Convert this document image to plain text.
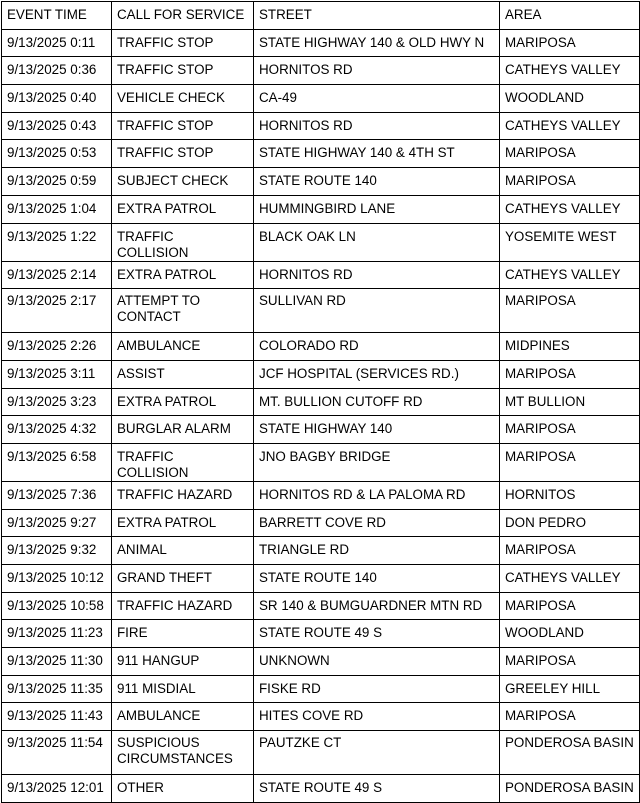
EVENT TIME	CALL FOR SERVICE	STREET	AREA
9/13/2025 0:11	TRAFFIC STOP	STATE HIGHWAY 140 & OLD HWY N	MARIPOSA
9/13/2025 0:36	TRAFFIC STOP	HORNITOS RD	CATHEYS VALLEY
9/13/2025 0:40	VEHICLE CHECK	CA-49	WOODLAND
9/13/2025 0:43	TRAFFIC STOP	HORNITOS RD	CATHEYS VALLEY
9/13/2025 0:53	TRAFFIC STOP	STATE HIGHWAY 140 & 4TH ST	MARIPOSA
9/13/2025 0:59	SUBJECT CHECK	STATE ROUTE 140	MARIPOSA
9/13/2025 1:04	EXTRA PATROL	HUMMINGBIRD LANE	CATHEYS VALLEY
9/13/2025 1:22	TRAFFIC COLLISION	BLACK OAK LN	YOSEMITE WEST
9/13/2025 2:14	EXTRA PATROL	HORNITOS RD	CATHEYS VALLEY
9/13/2025 2:17	ATTEMPT TO CONTACT	SULLIVAN RD	MARIPOSA
9/13/2025 2:26	AMBULANCE	COLORADO RD	MIDPINES
9/13/2025 3:11	ASSIST	JCF HOSPITAL (SERVICES RD.)	MARIPOSA
9/13/2025 3:23	EXTRA PATROL	MT. BULLION CUTOFF RD	MT BULLION
9/13/2025 4:32	BURGLAR ALARM	STATE HIGHWAY 140	MARIPOSA
9/13/2025 6:58	TRAFFIC COLLISION	JNO BAGBY BRIDGE	MARIPOSA
9/13/2025 7:36	TRAFFIC HAZARD	HORNITOS RD & LA PALOMA RD	HORNITOS
9/13/2025 9:27	EXTRA PATROL	BARRETT COVE RD	DON PEDRO
9/13/2025 9:32	ANIMAL	TRIANGLE RD	MARIPOSA
9/13/2025 10:12	GRAND THEFT	STATE ROUTE 140	CATHEYS VALLEY
9/13/2025 10:58	TRAFFIC HAZARD	SR 140 & BUMGUARDNER MTN RD	MARIPOSA
9/13/2025 11:23	FIRE	STATE ROUTE 49 S	WOODLAND
9/13/2025 11:30	911 HANGUP	UNKNOWN	MARIPOSA
9/13/2025 11:35	911 MISDIAL	FISKE RD	GREELEY HILL
9/13/2025 11:43	AMBULANCE	HITES COVE RD	MARIPOSA
9/13/2025 11:54	SUSPICIOUS CIRCUMSTANCES	PAUTZKE CT	PONDEROSA BASIN
9/13/2025 12:01	OTHER	STATE ROUTE 49 S	PONDEROSA BASIN
